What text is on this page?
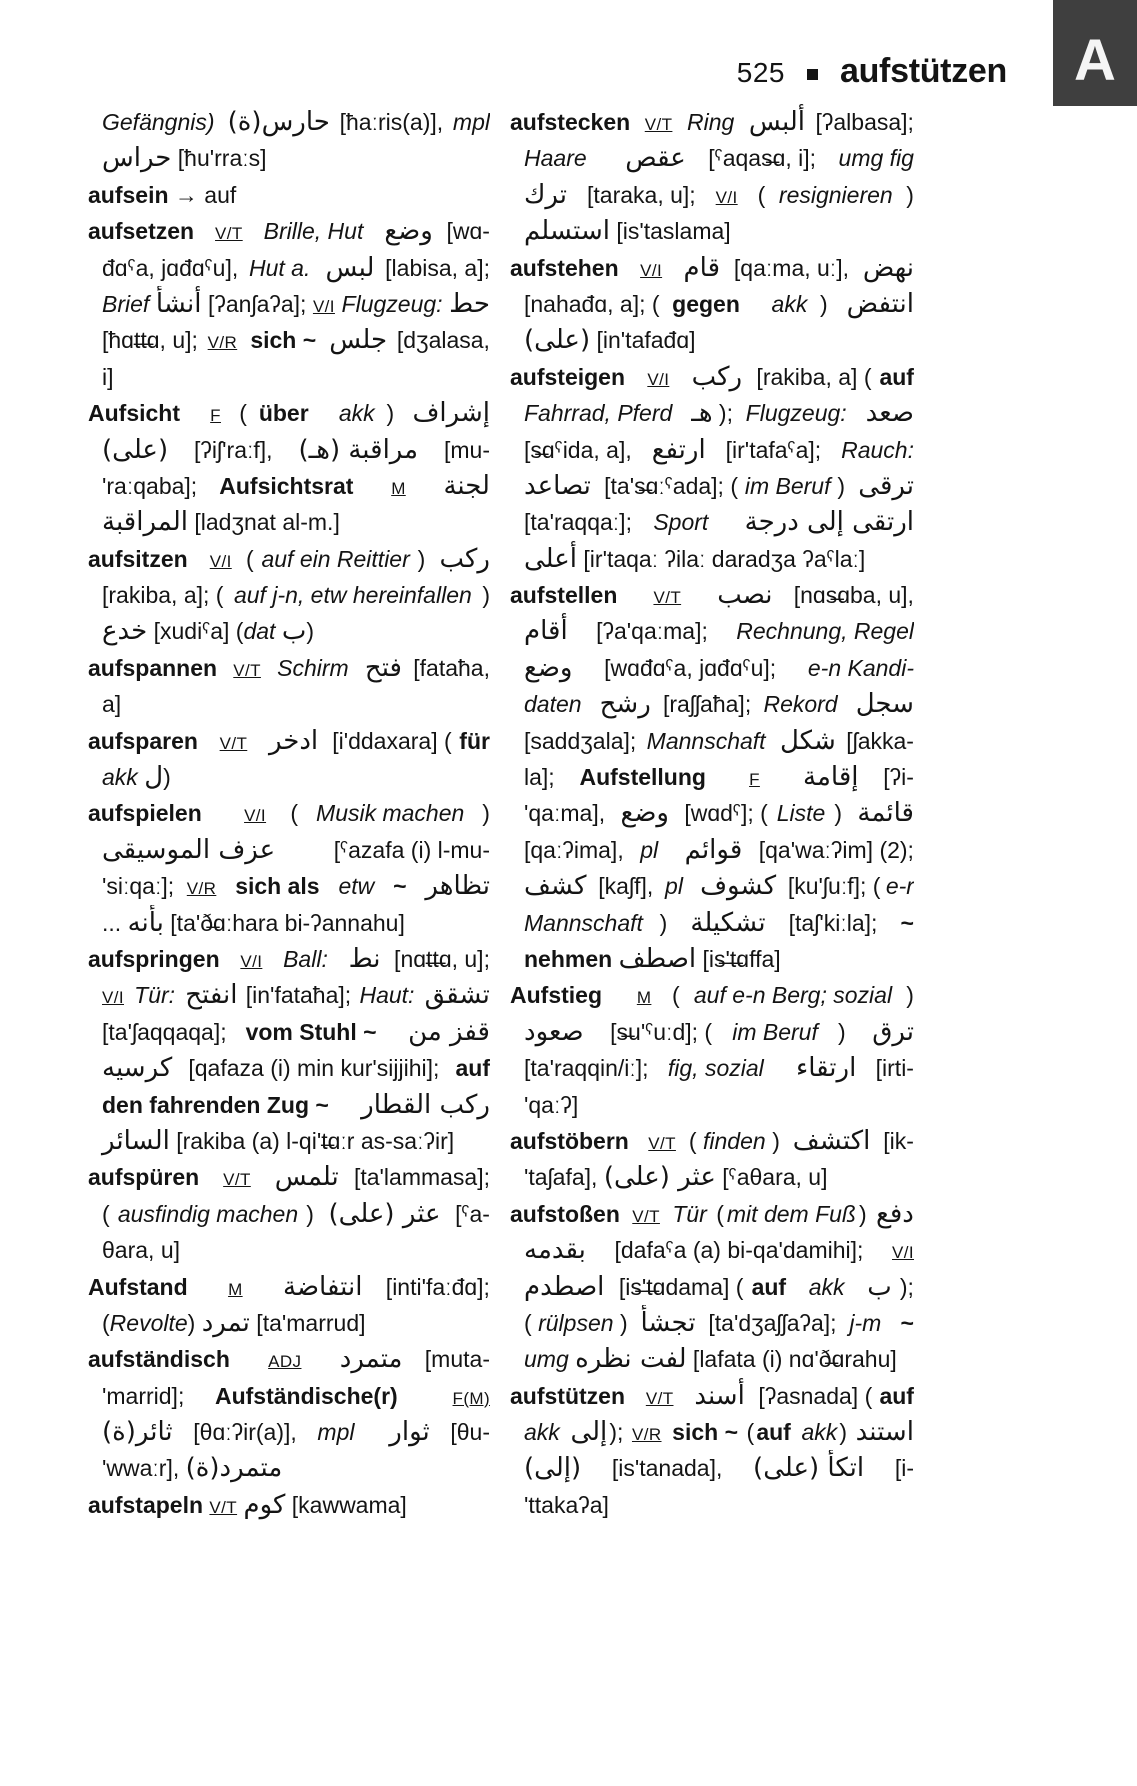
525 aufstützen A
Gefängnis)
حارس(ة) [ħaːris(a)], mpl
حراس [ħu'rraːs]
aufsein → auf
aufsetzen
V/T
Brille, Hut
وضع [wɑ-
đɑˤa, jɑđɑˤu], Hut a.
لبس [labisa, a];
Brief
أنشأ [ʔanʃaʔa]; V/I
Flugzeug:
حط
[ħɑt̶t̶ɑ, u]; V/R
sich ~
جلس [dʒalasa,
i]
Aufsicht
F ( über
akk ) إشراف
(على) [ʔiʃ'raːf], مراقبة (هـ) [mu-
'raːqaba]; Aufsichtsrat
M
لجنة
المراقبة [ladʒnat al-m.]
aufsitzen
V/I ( auf ein Reittier ) ركب
[rakiba, a]; ( auf j-n, etw hereinfallen )
خدع [xudiˤa] ( dat
ب )
aufspannen
V/T
Schirm
فتح [fataħa,
a]
aufsparen
V/T
ادخر [i'ddaxara] ( für
akk
ل )
aufspielen
V/I ( Musik machen )
عزف الموسيقى [ˤazafa (i) l-mu-
'siːqaː]; V/R
sich als
etw
~
تظاهر
... بأنه [ta'ð̶ɑːhara bi-ʔannahu]
aufspringen
V/I
Ball:
نط [nɑt̶t̶ɑ, u];
V/I
Tür:
انفتح [in'fataħa]; Haut:
تشقق
[ta'ʃaqqaqa]; vom Stuhl ~
قفز من
كرسيه [qafaza (i) min kur'sijjihi]; auf
den fahrenden Zug ~
ركب القطار
السائر [rakiba (a) l-qi't̶ɑːr as-saːʔir]
aufspüren
V/T
تلمس [ta'lammasa];
( ausfindig machen ) عثر (على) [ˤa-
θara, u]
Aufstand
M
انتفاضة [inti'faːđɑ];
( Revolte ) تمرد [ta'marrud]
aufständisch
ADJ
متمرد [muta-
'marrid]; Aufständische(r)
	F(M)
ثائر(ة) [θɑːʔir(a)], mpl
ثوار [θu-
'wwaːr], متمرد(ة)
aufstapeln
V/T
كوم [kawwama]
aufstecken
V/T
Ring
ألبس [ʔalbasa];
Haare
عقص [ˤaqas̶ɑ, i]; umg fig
ترك [taraka, u]; V/I ( resignieren )
استسلم [is'taslama]
aufstehen
V/I
قام [qaːma, uː], نهض
[nahađɑ, a]; ( gegen
akk ) انتفض
(على) [in'tafađɑ]
aufsteigen
V/I
ركب [rakiba, a] ( auf
Fahrrad, Pferd
هـ ); Flugzeug:
صعد
[s̶ɑˤida, a], ارتفع [ir'tafaˤa]; Rauch:
تصاعد [ta's̶ɑːˤada]; ( im Beruf ) ترقى
[ta'raqqaː]; Sport
ارتقى إلى درجة
أعلى [ir'taqaː ʔilaː daradʒa ʔaˤlaː]
aufstellen
V/T
نصب [nɑs̶ɑba, u],
أقام [ʔa'qaːma]; Rechnung, Regel
وضع [wɑđɑˤa, jɑđɑˤu]; e-n Kandi-
daten
رشح [raʃʃaħa]; Rekord
سجل
[saddʒala]; Mannschaft
شكل [ʃakka-
la]; Aufstellung
	F
إقامة [ʔi-
'qaːma], وضع [wɑdˤ]; ( Liste ) قائمة
[qaːʔima], pl
قوائم [qa'waːʔim] (2);
كشف [kaʃf], pl
كشوف [ku'ʃuːf]; ( e-r
Mannschaft ) تشكيلة [taʃ'kiːla]; ~
nehmen
اصطف [is̶'t̶ɑffa]
Aufstieg
M ( auf e-n Berg; sozial )
صعود [s̶u'ˤuːd]; ( im Beruf ) ترق
[ta'raqqin/iː]; fig, sozial
ارتقاء [irti-
'qaːʔ]
aufstöbern
V/T ( finden ) اكتشف [ik-
'taʃafa], عثر (على) [ˤaθara, u]
aufstoßen
V/T
Tür ( mit dem Fuß ) دفع
بقدمه [dafaˤa (a) bi-qa'damihi]; V/I
اصطدم [is̶'t̶ɑdama] ( auf
akk
ب );
( rülpsen ) تجشأ [ta'dʒaʃʃaʔa]; j-m
~
umg
لفت نظره [lafata (i) nɑ'ð̶ɑrahu]
aufstützen
V/T
أسند [ʔasnada] ( auf
akk
إلى ); V/R
sich ~ ( auf
akk ) استند
(إلى) [is'tanada], اتكأ (على) [i-
'ttakaʔa]
